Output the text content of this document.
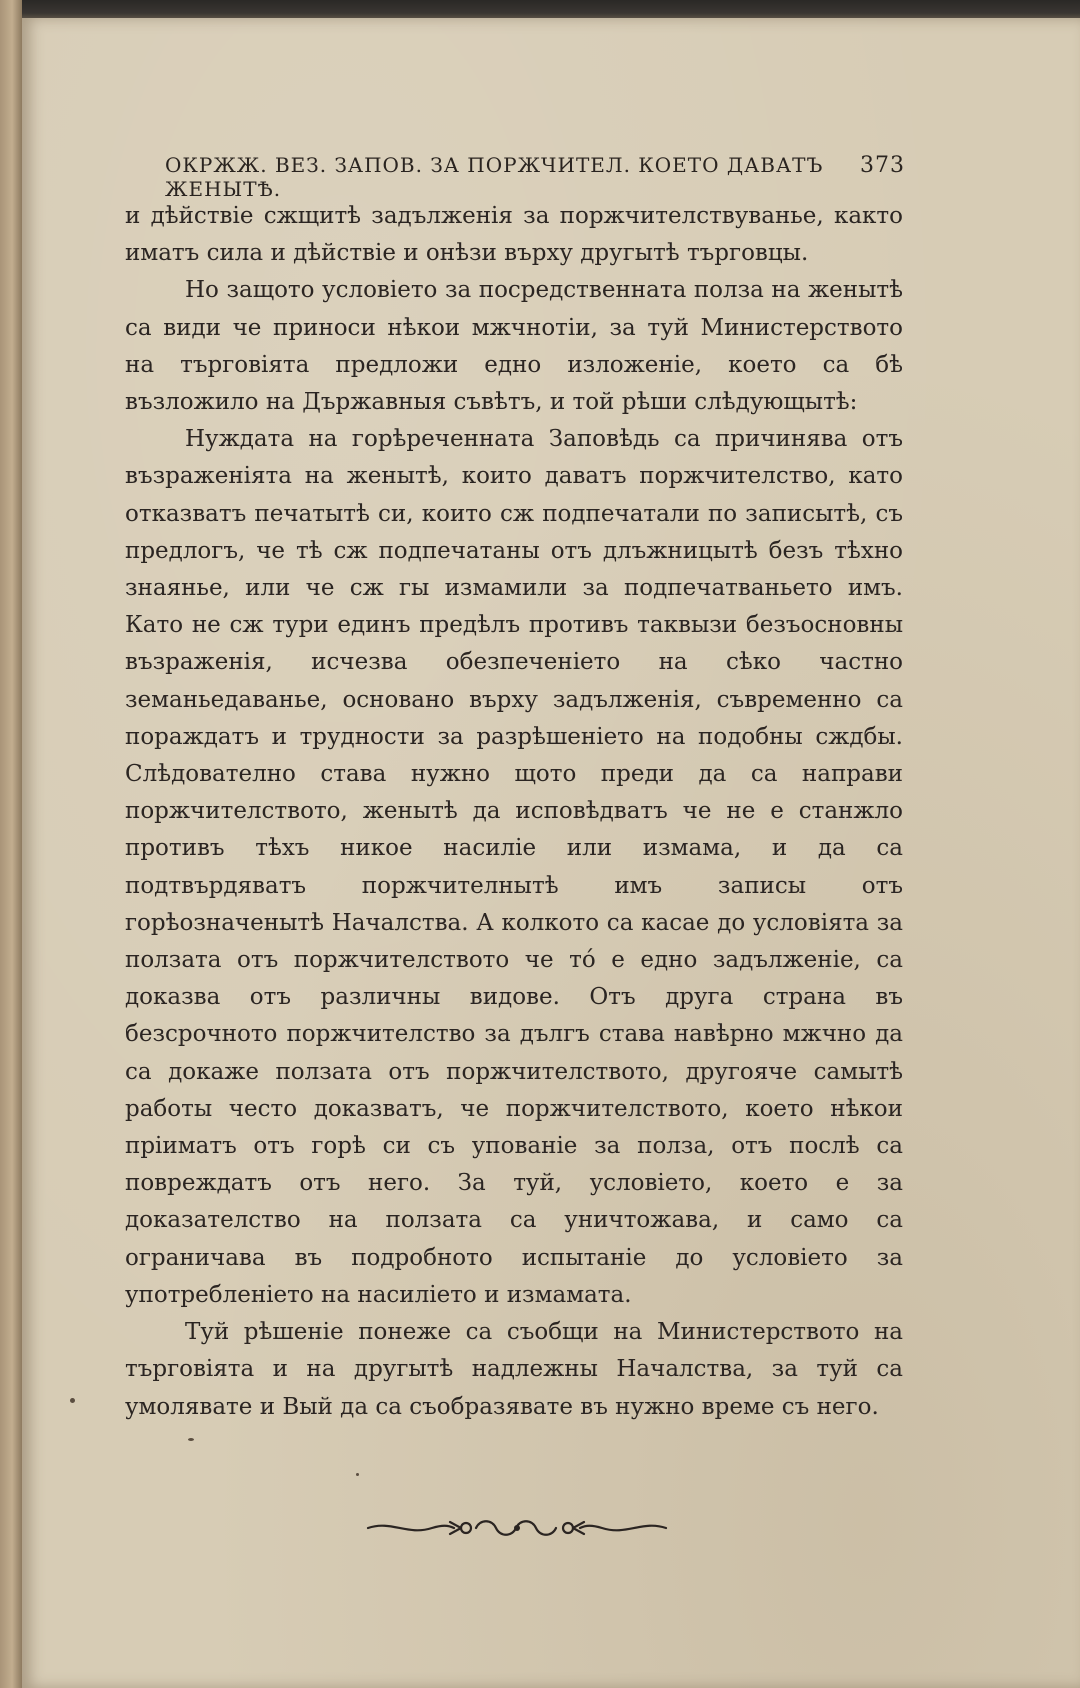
ОКРЖЖ. ВЕЗ. ЗАПОВ. ЗА ПОРЖЧИТЕЛ. КОЕТО ДАВАТЪ ЖЕНЫТѢ.
373

и дѣйствіе сжщитѣ задълженія за поржчителствуванье, както иматъ сила и дѣйствіе и онѣзи върху другытѣ търговцы.

Но защото условіето за посредственната полза на женытѣ са види че приноси нѣкои мжчнотіи, за туй Министерството на търговіята предложи едно изложеніе, което са бѣ възложило на Държавныя съвѣтъ, и той рѣши слѣдующытѣ:

Нуждата на горѣреченната Заповѣдь са причинява отъ възраженіята на женытѣ, които даватъ поржчителство, като отказватъ печатытѣ си, които сж подпечатали по записытѣ, съ предлогъ, че тѣ сж подпечатаны отъ длъжницытѣ безъ тѣхно знаянье, или че сж гы измамили за подпечатваньето имъ. Като не сж тури единъ предѣлъ противъ таквызи безъосновны възраженія, исчезва обезпеченіето на сѣко частно земаньедаванье, основано върху задълженія, съвременно са пораждатъ и трудности за разрѣшеніето на подобны сждбы. Слѣдователно става нужно щото преди да са направи поржчителството, женытѣ да исповѣдватъ че не е станжло противъ тѣхъ никое насиліе или измама, и да са подтвърдяватъ поржчителнытѣ имъ записы отъ горѣозначенытѣ Началства. А колкото са касае до условіята за ползата отъ поржчителството че то́ е едно задълженіе, са доказва отъ различны видове. Отъ друга страна въ безсрочното поржчителство за дългъ става навѣрно мжчно да са докаже ползата отъ поржчителството, другояче самытѣ работы често доказватъ, че поржчителството, което нѣкои пріиматъ отъ горѣ си съ упованіе за полза, отъ послѣ са повреждатъ отъ него. За туй, условіето, което е за доказателство на ползата са уничтожава, и само са ограничава въ подробното испытаніе до условіето за употребленіето на насиліето и измамата.

Туй рѣшеніе понеже са съобщи на Министерството на търговіята и на другытѣ надлежны Началства, за туй са умолявате и Вый да са съобразявате въ нужно време съ него.
